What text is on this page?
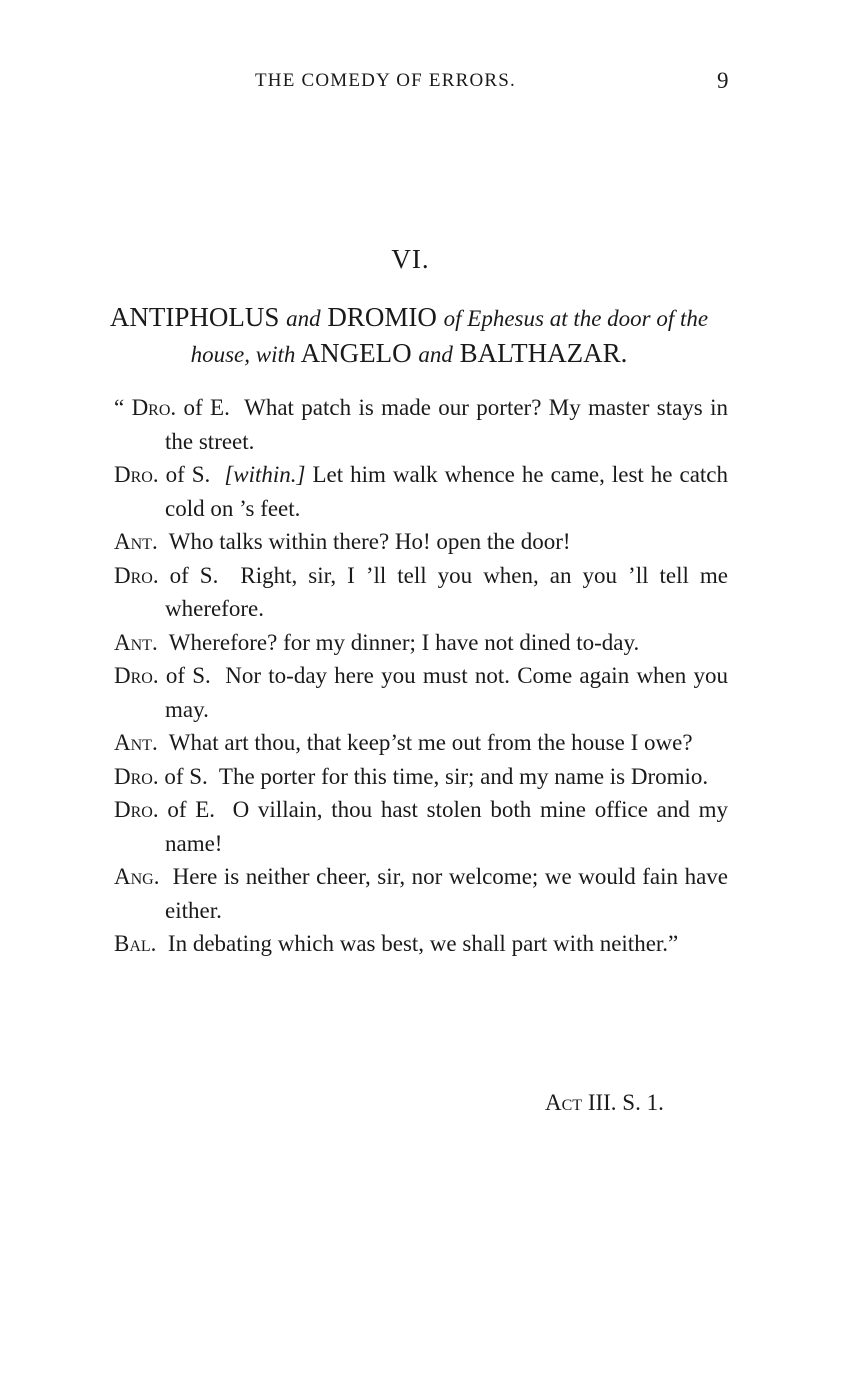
THE COMEDY OF ERRORS.	9
VI.
ANTIPHOLUS and DROMIO of Ephesus at the door of the house, with ANGELO and BALTHAZAR.
“ Dro. of E. What patch is made our porter? My master stays in the street.
Dro. of S. [within.] Let him walk whence he came, lest he catch cold on ’s feet.
Ant. Who talks within there? Ho! open the door!
Dro. of S. Right, sir, I ’ll tell you when, an you ’ll tell me wherefore.
Ant. Wherefore? for my dinner; I have not dined to-day.
Dro. of S. Nor to-day here you must not. Come again when you may.
Ant. What art thou, that keep’st me out from the house I owe?
Dro. of S. The porter for this time, sir; and my name is Dromio.
Dro. of E. O villain, thou hast stolen both mine office and my name!
Ang. Here is neither cheer, sir, nor welcome; we would fain have either.
Bal. In debating which was best, we shall part with neither.”
Act III. S. 1.
